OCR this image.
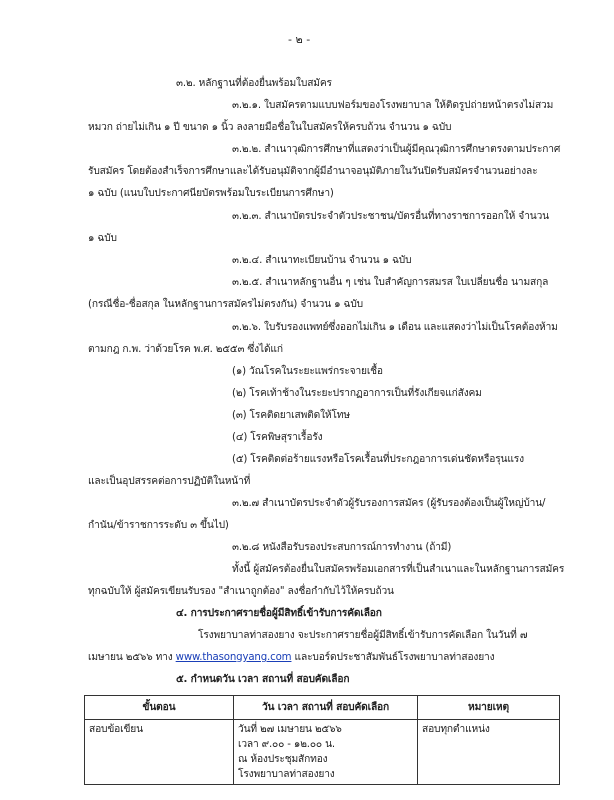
- ๒ -
๓.๒. หลักฐานที่ต้องยื่นพร้อมใบสมัคร
๓.๒.๑. ใบสมัครตามแบบฟอร์มของโรงพยาบาล ให้ติดรูปถ่ายหน้าตรงไม่สวม
หมวก ถ่ายไม่เกิน ๑ ปี ขนาด ๑ นิ้ว ลงลายมือชื่อในใบสมัครให้ครบถ้วน จำนวน ๑ ฉบับ
๓.๒.๒. สำเนาวุฒิการศึกษาที่แสดงว่าเป็นผู้มีคุณวุฒิการศึกษาตรงตามประกาศ
รับสมัคร โดยต้องสำเร็จการศึกษาและได้รับอนุมัติจากผู้มีอำนาจอนุมัติภายในวันปิดรับสมัครจำนวนอย่างละ
๑ ฉบับ (แนบใบประกาศนียบัตรพร้อมใบระเบียนการศึกษา)
๓.๒.๓. สำเนาบัตรประจำตัวประชาชน/บัตรอื่นที่ทางราชการออกให้ จำนวน
๑ ฉบับ
๓.๒.๔. สำเนาทะเบียนบ้าน จำนวน ๑ ฉบับ
๓.๒.๕. สำเนาหลักฐานอื่น ๆ เช่น ใบสำคัญการสมรส ใบเปลี่ยนชื่อ นามสกุล
(กรณีชื่อ-ชื่อสกุล ในหลักฐานการสมัครไม่ตรงกัน) จำนวน ๑ ฉบับ
๓.๒.๖. ใบรับรองแพทย์ซึ่งออกไม่เกิน ๑ เดือน และแสดงว่าไม่เป็นโรคต้องห้าม
ตามกฎ ก.พ. ว่าด้วยโรค พ.ศ. ๒๕๕๓ ซึ่งได้แก่
(๑) วัณโรคในระยะแพร่กระจายเชื้อ
(๒) โรคเท้าช้างในระยะปรากฏอาการเป็นที่รังเกียจแก่สังคม
(๓) โรคติดยาเสพติดให้โทษ
(๔) โรคพิษสุราเรื้อรัง
(๕) โรคติดต่อร้ายแรงหรือโรคเรื้อนที่ประกฎอาการเด่นชัดหรือรุนแรง
และเป็นอุปสรรคต่อการปฏิบัติในหน้าที่
๓.๒.๗ สำเนาบัตรประจำตัวผู้รับรองการสมัคร (ผู้รับรองต้องเป็นผู้ใหญ่บ้าน/
กำนัน/ข้าราชการระดับ ๓ ขึ้นไป)
๓.๒.๘ หนังสือรับรองประสบการณ์การทำงาน (ถ้ามี)
ทั้งนี้ ผู้สมัครต้องยื่นใบสมัครพร้อมเอกสารที่เป็นสำเนาและในหลักฐานการสมัคร
ทุกฉบับให้ ผู้สมัครเขียนรับรอง "สำเนาถูกต้อง" ลงชื่อกำกับไว้ให้ครบถ้วน
๔. การประกาศรายชื่อผู้มีสิทธิ์เข้ารับการคัดเลือก
โรงพยาบาลท่าสองยาง จะประกาศรายชื่อผู้มีสิทธิ์เข้ารับการคัดเลือก ในวันที่ ๗
เมษายน ๒๕๖๖ ทาง www.thasongyang.com และบอร์ดประชาสัมพันธ์โรงพยาบาลท่าสองยาง
๕. กำหนดวัน เวลา สถานที่ สอบคัดเลือก
ขั้นตอน	วัน เวลา สถานที่ สอบคัดเลือก	หมายเหตุ

สอบข้อเขียน	วันที่ ๒๗ เมษายน ๒๕๖๖
เวลา ๙.๐๐ - ๑๒.๐๐ น.
ณ ห้องประชุมสักทอง
โรงพยาบาลท่าสองยาง	สอบทุกตำแหน่ง
